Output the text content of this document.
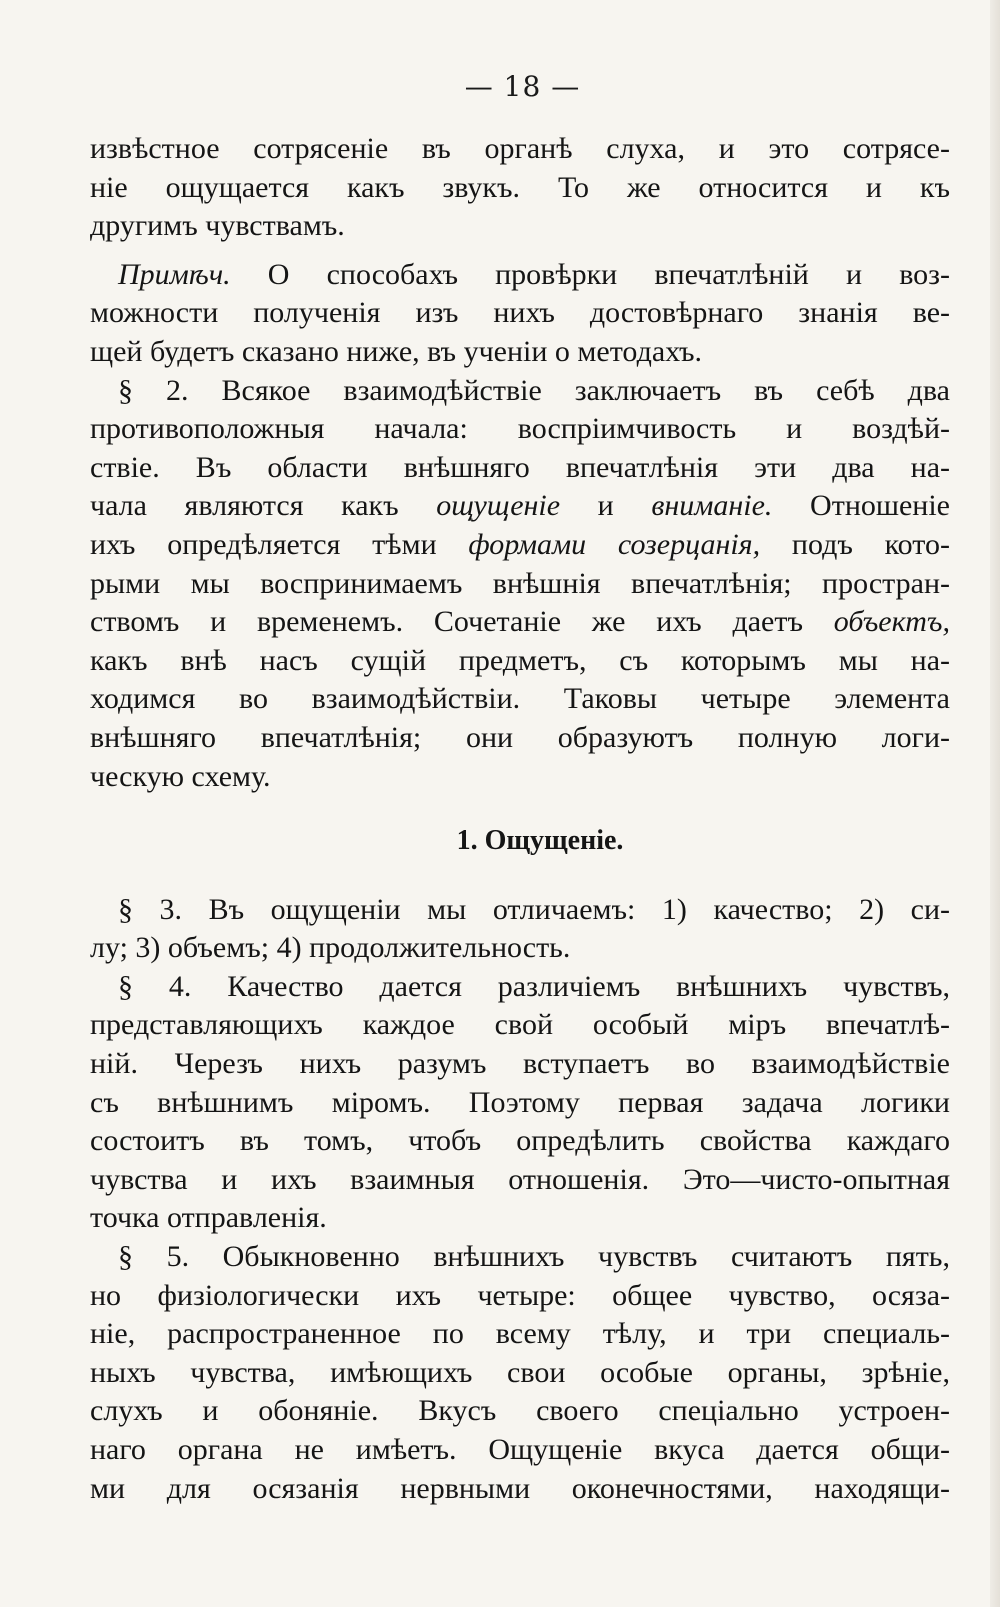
— 18 —
извѣстное сотрясеніе въ органѣ слуха, и это сотрясе-
ніе ощущается какъ звукъ. То же относится и къ
другимъ чувствамъ.
Примѣч. О способахъ провѣрки впечатлѣній и воз-
можности полученія изъ нихъ достовѣрнаго знанія ве-
щей будетъ сказано ниже, въ ученіи о методахъ.
§ 2. Всякое взаимодѣйствіе заключаетъ въ себѣ два
противоположныя начала: воспріимчивость и воздѣй-
ствіе. Въ области внѣшняго впечатлѣнія эти два на-
чала являются какъ ощущеніе и вниманіе. Отношеніе
ихъ опредѣляется тѣми формами созерцанія, подъ кото-
рыми мы воспринимаемъ внѣшнія впечатлѣнія; простран-
ствомъ и временемъ. Сочетаніе же ихъ даетъ объектъ,
какъ внѣ насъ сущій предметъ, съ которымъ мы на-
ходимся во взаимодѣйствіи. Таковы четыре элемента
внѣшняго впечатлѣнія; они образуютъ полную логи-
ческую схему.
1. Ощущеніе.
§ 3. Въ ощущеніи мы отличаемъ: 1) качество; 2) си-
лу; 3) объемъ; 4) продолжительность.
§ 4. Качество дается различіемъ внѣшнихъ чувствъ,
представляющихъ каждое свой особый міръ впечатлѣ-
ній. Черезъ нихъ разумъ вступаетъ во взаимодѣйствіе
съ внѣшнимъ міромъ. Поэтому первая задача логики
состоитъ въ томъ, чтобъ опредѣлить свойства каждаго
чувства и ихъ взаимныя отношенія. Это—чисто-опытная
точка отправленія.
§ 5. Обыкновенно внѣшнихъ чувствъ считаютъ пять,
но физіологически ихъ четыре: общее чувство, осяза-
ніе, распространенное по всему тѣлу, и три специаль-
ныхъ чувства, имѣющихъ свои особые органы, зрѣніе,
слухъ и обоняніе. Вкусъ своего спеціально устроен-
наго органа не имѣетъ. Ощущеніе вкуса дается общи-
ми для осязанія нервными оконечностями, находящи-
